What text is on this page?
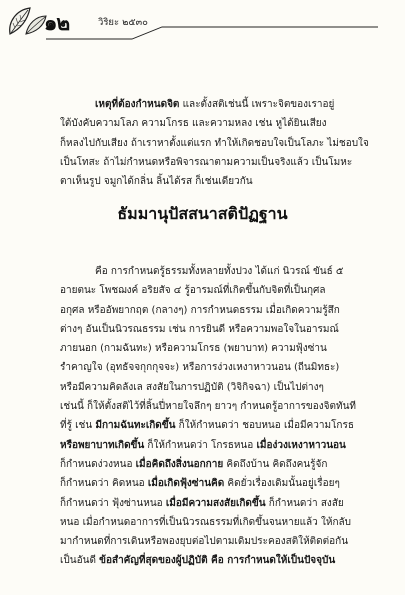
๑๒	วิริยะ ๒๕๓๐

เหตุที่ต้องกำหนดจิต และตั้งสติเช่นนี้ เพราะจิตของเราอยู่

ใต้บังคับความโลภ ความโกรธ และความหลง เช่น หูได้ยินเสียง

ก็หลงไปกับเสียง ถ้าเราหาตั้งแต่แรก ทำให้เกิดชอบใจเป็นโลภะ ไม่ชอบใจ

เป็นโทสะ ถ้าไม่กำหนดหรือพิจารณาตามความเป็นจริงแล้ว เป็นโมหะ

ตาเห็นรูป จมูกได้กลิ่น ลิ้นได้รส ก็เช่นเดียวกัน

ธัมมานุปัสสนาสติปัฏฐาน

คือ การกำหนดรู้ธรรมทั้งหลายทั้งปวง ได้แก่ นิวรณ์ ขันธ์ ๕

อายตนะ โพชฌงค์ อริยสัจ ๔ รู้อารมณ์ที่เกิดขึ้นกับจิตที่เป็นกุศล

อกุศล หรืออัพยากฤต (กลางๆ) การกำหนดธรรม เมื่อเกิดความรู้สึก

ต่างๆ อันเป็นนิวรณธรรม เช่น การยินดี หรือความพอใจในอารมณ์

ภายนอก (กามฉันทะ) หรือความโกรธ (พยาบาท) ความฟุ้งซ่าน

รำคาญใจ (อุทธัจจกุกกุจจะ) หรือการง่วงเหงาหาวนอน (ถีนมิทธะ)

หรือมีความคิดลังเล สงสัยในการปฏิบัติ (วิจิกิจฉา) เป็นไปต่างๆ

เช่นนี้ ก็ให้ตั้งสติไว้ที่ลิ้นปี่หายใจลึกๆ ยาวๆ กำหนดรู้อาการของจิตทันที

ที่รู้ เช่น มีกามฉันทะเกิดขึ้น ก็ให้กำหนดว่า ชอบหนอ เมื่อมีความโกรธ

หรือพยาบาทเกิดขึ้น ก็ให้กำหนดว่า โกรธหนอ เมื่อง่วงเหงาหาวนอน

ก็กำหนดง่วงหนอ เมื่อคิดถึงสิ่งนอกกาย คิดถึงบ้าน คิดถึงคนรู้จัก

ก็กำหนดว่า คิดหนอ เมื่อเกิดฟุ้งซ่านคิด คิดยั่วเรื่องเดิมนั้นอยู่เรื่อยๆ

ก็กำหนดว่า ฟุ้งซ่านหนอ เมื่อมีความสงสัยเกิดขึ้น ก็กำหนดว่า สงสัย

หนอ เมื่อกำหนดอาการที่เป็นนิวรณธรรมที่เกิดขึ้นจนหายแล้ว ให้กลับ

มากำหนดที่การเดินหรือพองยุบต่อไปตามเดิมประคองสติให้ติดต่อกัน

เป็นอันดี ข้อสำคัญที่สุดของผู้ปฏิบัติ คือ การกำหนดให้เป็นปัจจุบัน
